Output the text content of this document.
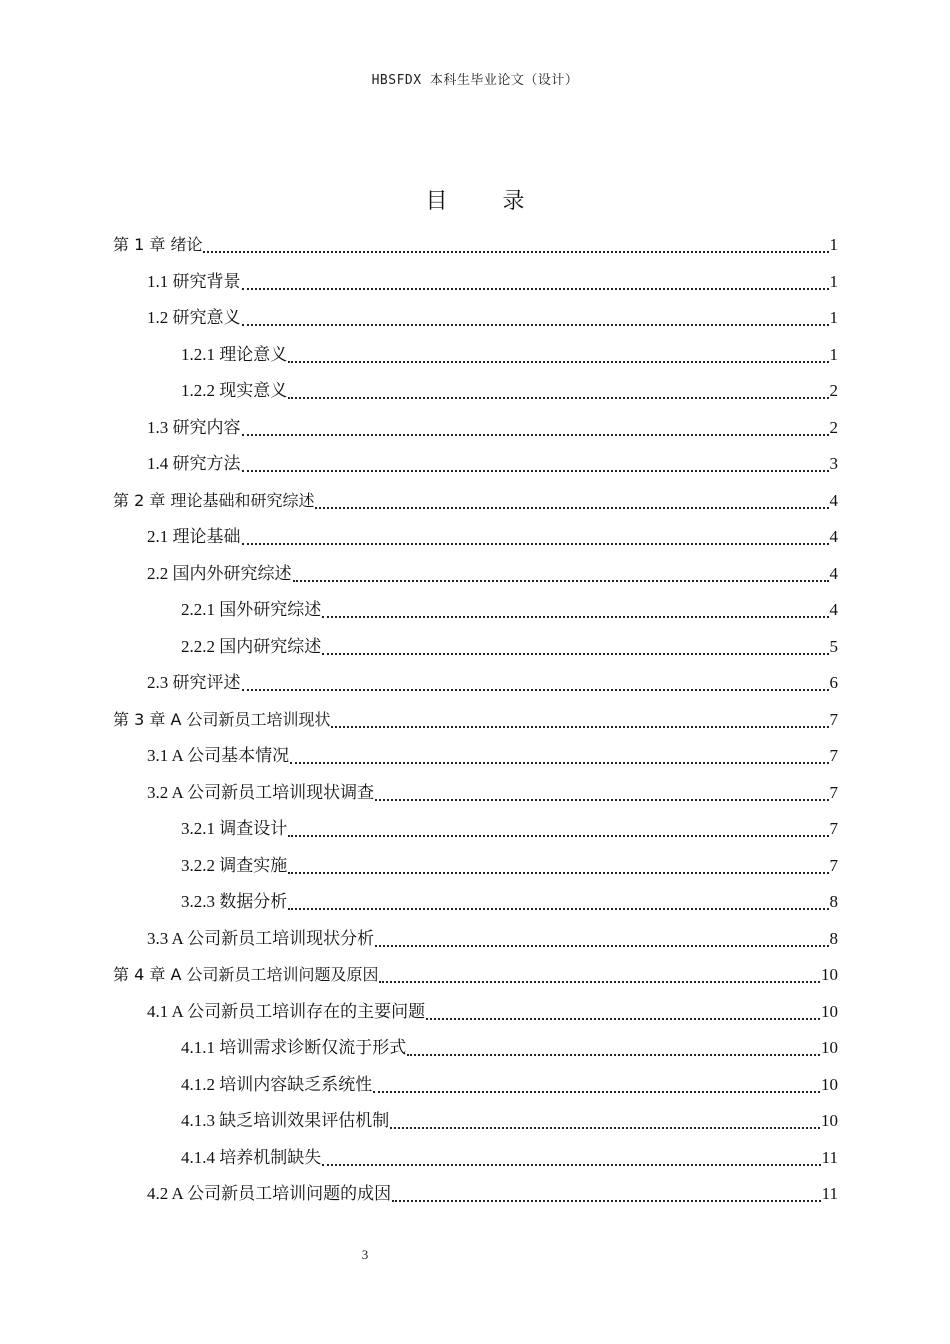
HBSFDX 本科生毕业论文（设计）
目 录
第 1 章 绪论	1
1.1 研究背景	1
1.2 研究意义	1
1.2.1 理论意义	1
1.2.2 现实意义	2
1.3 研究内容	2
1.4 研究方法	3
第 2 章 理论基础和研究综述	4
2.1 理论基础	4
2.2 国内外研究综述	4
2.2.1 国外研究综述	4
2.2.2 国内研究综述	5
2.3 研究评述	6
第 3 章 A 公司新员工培训现状	7
3.1 A 公司基本情况	7
3.2 A 公司新员工培训现状调查	7
3.2.1 调查设计	7
3.2.2 调查实施	7
3.2.3 数据分析	8
3.3 A 公司新员工培训现状分析	8
第 4 章 A 公司新员工培训问题及原因	10
4.1 A 公司新员工培训存在的主要问题	10
4.1.1 培训需求诊断仅流于形式	10
4.1.2 培训内容缺乏系统性	10
4.1.3 缺乏培训效果评估机制	10
4.1.4 培养机制缺失	11
4.2 A 公司新员工培训问题的成因	11
3
